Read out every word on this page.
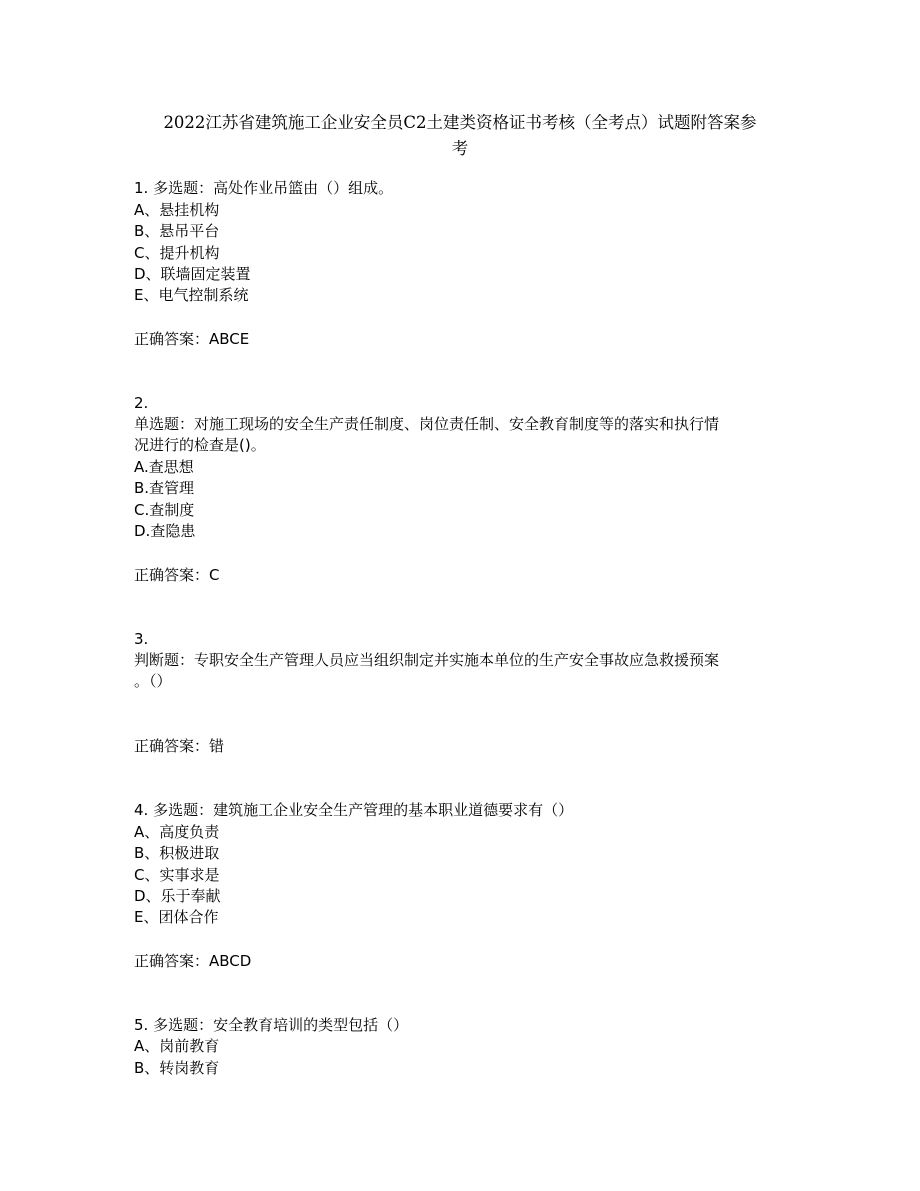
2022江苏省建筑施工企业安全员C2土建类资格证书考核（全考点）试题附答案参
考
1. 多选题：高处作业吊篮由（）组成。
A、悬挂机构
B、悬吊平台
C、提升机构
D、联墙固定装置
E、电气控制系统
正确答案：ABCE
2.
单选题：对施工现场的安全生产责任制度、岗位责任制、安全教育制度等的落实和执行情
况进行的检查是()。
A.查思想
B.查管理
C.查制度
D.查隐患
正确答案：C
3.
判断题：专职安全生产管理人员应当组织制定并实施本单位的生产安全事故应急救援预案
。（）
正确答案：错
4. 多选题：建筑施工企业安全生产管理的基本职业道德要求有（）
A、高度负责
B、积极进取
C、实事求是
D、乐于奉献
E、团体合作
正确答案：ABCD
5. 多选题：安全教育培训的类型包括（）
A、岗前教育
B、转岗教育
